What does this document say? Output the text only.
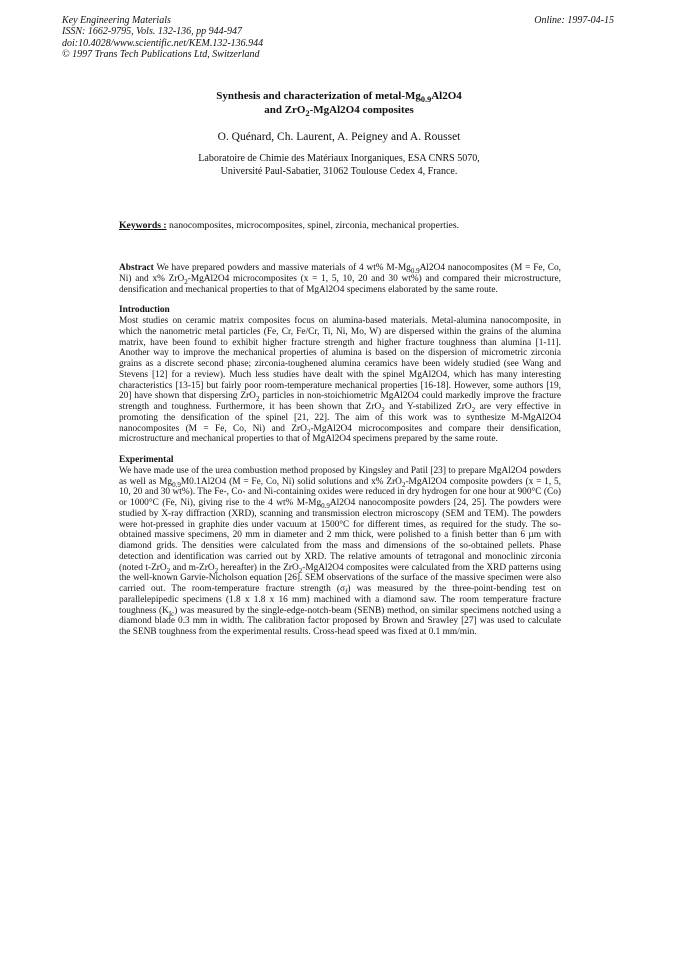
Key Engineering Materials
ISSN: 1662-9795, Vols. 132-136, pp 944-947
doi:10.4028/www.scientific.net/KEM.132-136.944
© 1997 Trans Tech Publications Ltd, Switzerland
Online: 1997-04-15
Synthesis and characterization of metal-$Mg_{0.9}Al2O4$
and ZrO$_2$-MgAl2O4 composites
O. Quénard, Ch. Laurent, A. Peigney and A. Rousset
Laboratoire de Chimie des Matériaux Inorganiques, ESA CNRS 5070,
Université Paul-Sabatier, 31062 Toulouse Cedex 4, France.
Keywords : nanocomposites, microcomposites, spinel, zirconia, mechanical properties.

Abstract We have prepared powders and massive materials of 4 wt% $M-Mg_{0.9}Al2O4$ nanocomposites (M = Fe, Co, Ni) and x% ZrO$_2$-MgAl2O4 microcomposites (x = 1, 5, 10, 20 and 30 wt%) and compared their microstructure, densification and mechanical properties to that of MgAl2O4 specimens elaborated by the same route.

Introduction

Most studies on ceramic matrix composites focus on alumina-based materials. Metal-alumina nanocomposite, in which the nanometric metal particles (Fe, Cr, Fe/Cr, Ti, Ni, Mo, W) are dispersed within the grains of the alumina matrix, have been found to exhibit higher fracture strength and higher fracture toughness than alumina [1-11]. Another way to improve the mechanical properties of alumina is based on the dispersion of micrometric zirconia grains as a discrete second phase; zirconia-toughened alumina ceramics have been widely studied (see Wang and Stevens [12] for a review). Much less studies have dealt with the spinel MgAl2O4, which has many interesting characteristics [13-15] but fairly poor room-temperature mechanical properties [16-18]. However, some authors [19, 20] have shown that dispersing ZrO$_2$ particles in non-stoichiometric MgAl2O4 could markedly improve the fracture strength and toughness. Furthermore, it has been shown that ZrO$_2$ and Y-stabilized ZrO$_2$ are very effective in promoting the densification of the spinel [21, 22]. The aim of this work was to synthesize M-MgAl2O4 nanocomposites (M = Fe, Co, Ni) and ZrO$_2$-MgAl2O4 microcomposites and compare their densification, microstructure and mechanical properties to that of MgAl2O4 specimens prepared by the same route.

Experimental

We have made use of the urea combustion method proposed by Kingsley and Patil [23] to prepare MgAl2O4 powders as well as $Mg_{0.9}M0.1Al2O4$ (M = Fe, Co, Ni) solid solutions and x% ZrO$_2$-MgAl2O4 composite powders (x = 1, 5, 10, 20 and 30 wt%). The Fe-, Co- and Ni-containing oxides were reduced in dry hydrogen for one hour at 900°C (Co) or 1000°C (Fe, Ni), giving rise to the 4 wt% $M-Mg_{0.9}Al2O4$ nanocomposite powders [24, 25]. The powders were studied by X-ray diffraction (XRD), scanning and transmission electron microscopy (SEM and TEM). The powders were hot-pressed in graphite dies under vacuum at 1500°C for different times, as required for the study. The so-obtained massive specimens, 20 mm in diameter and 2 mm thick, were polished to a finish better than 6 µm with diamond grids. The densities were calculated from the mass and dimensions of the so-obtained pellets. Phase detection and identification was carried out by XRD. The relative amounts of tetragonal and monoclinic zirconia (noted t-ZrO$_2$ and m-ZrO$_2$ hereafter) in the ZrO$_2$-MgAl2O4 composites were calculated from the XRD patterns using the well-known Garvie-Nicholson equation [26]. SEM observations of the surface of the massive specimen were also carried out. The room-temperature fracture strength $(\sigma_f)$ was measured by the three-point-bending test on parallelepipedic specimens (1.8 x 1.8 x 16 mm) machined with a diamond saw. The room temperature fracture toughness $(K_{Ic})$ was measured by the single-edge-notch-beam (SENB) method, on similar specimens notched using a diamond blade 0.3 mm in width. The calibration factor proposed by Brown and Srawley [27] was used to calculate the SENB toughness from the experimental results. Cross-head speed was fixed at 0.1 mm/min.
